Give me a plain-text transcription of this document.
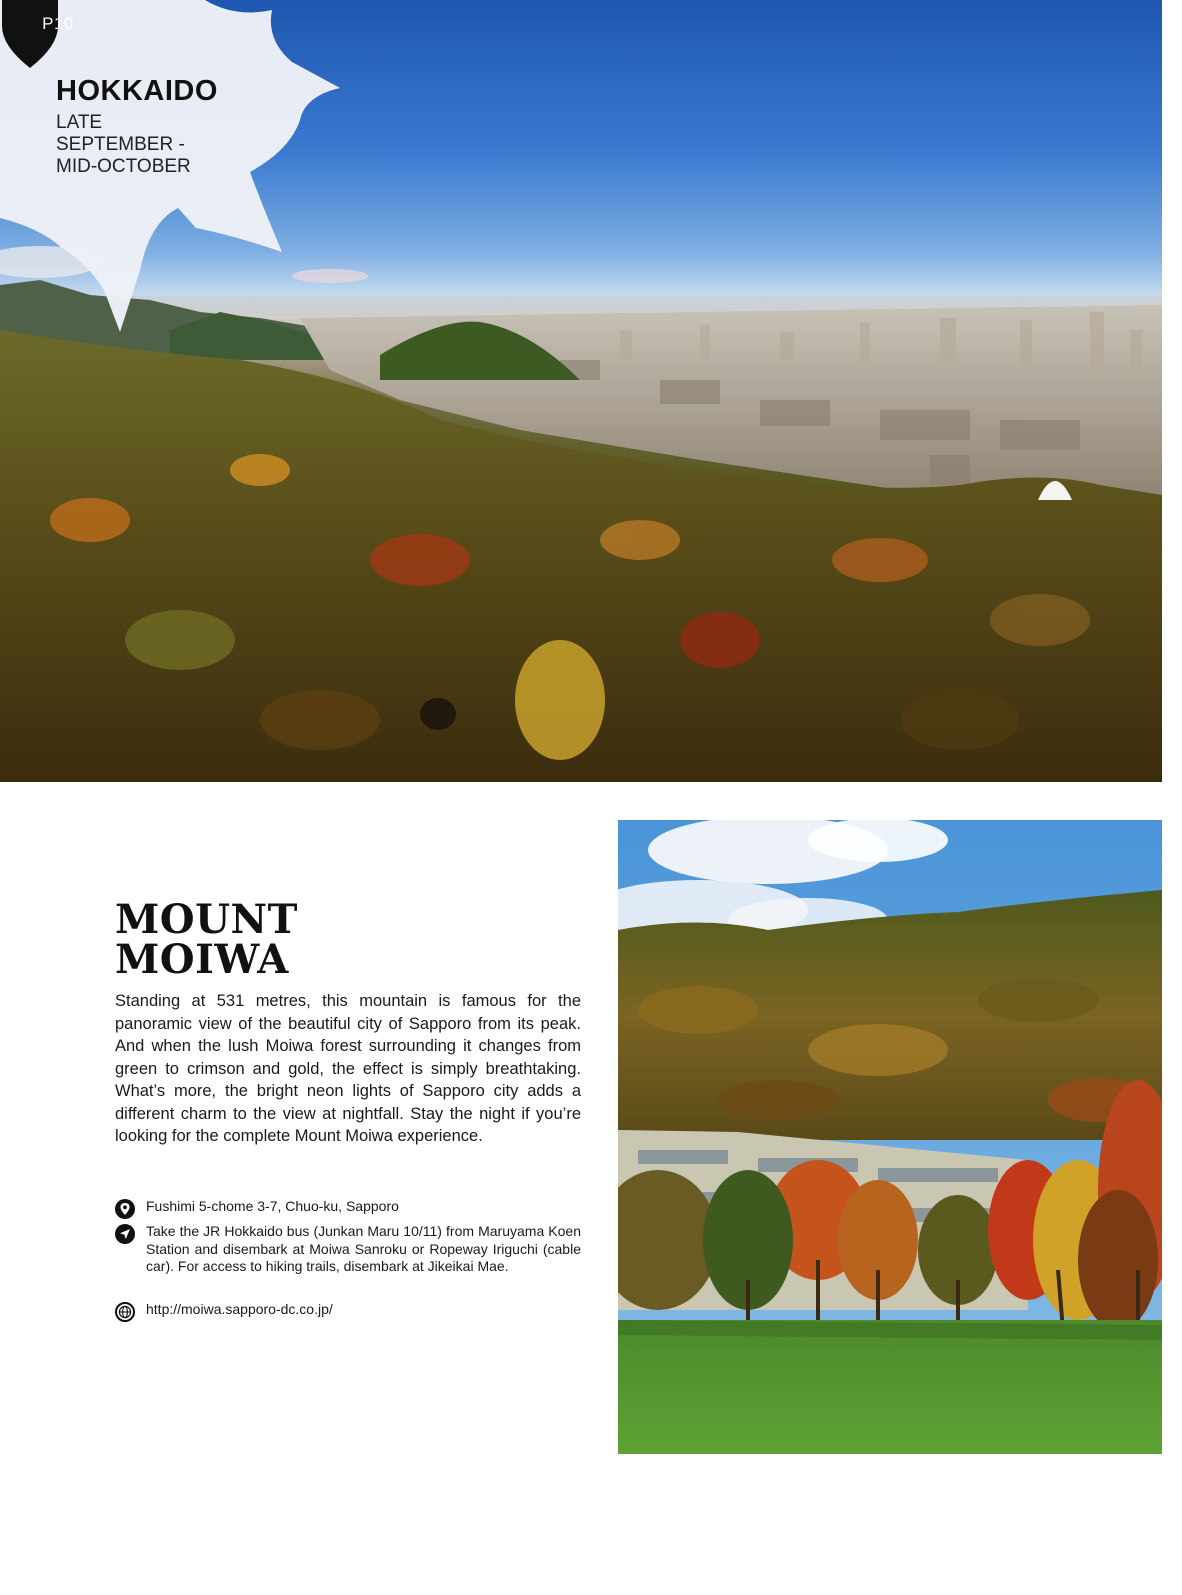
P10
HOKKAIDO
LATE
SEPTEMBER -
MID-OCTOBER
MOUNT
MOIWA

Standing at 531 metres, this mountain is famous for the panoramic view of the beautiful city of Sapporo from its peak. And when the lush Moiwa forest surrounding it changes from green to crimson and gold, the effect is simply breathtaking. What’s more, the bright neon lights of Sapporo city adds a different charm to the view at nightfall. Stay the night if you’re looking for the complete Mount Moiwa experience.

Fushimi 5-chome 3-7, Chuo-ku, Sapporo
Take the JR Hokkaido bus (Junkan Maru 10/11) from Maruyama Koen Station and disembark at Moiwa Sanroku or Ropeway Iriguchi (cable car). For access to hiking trails, disembark at Jikeikai Mae.
http://moiwa.sapporo-dc.co.jp/
